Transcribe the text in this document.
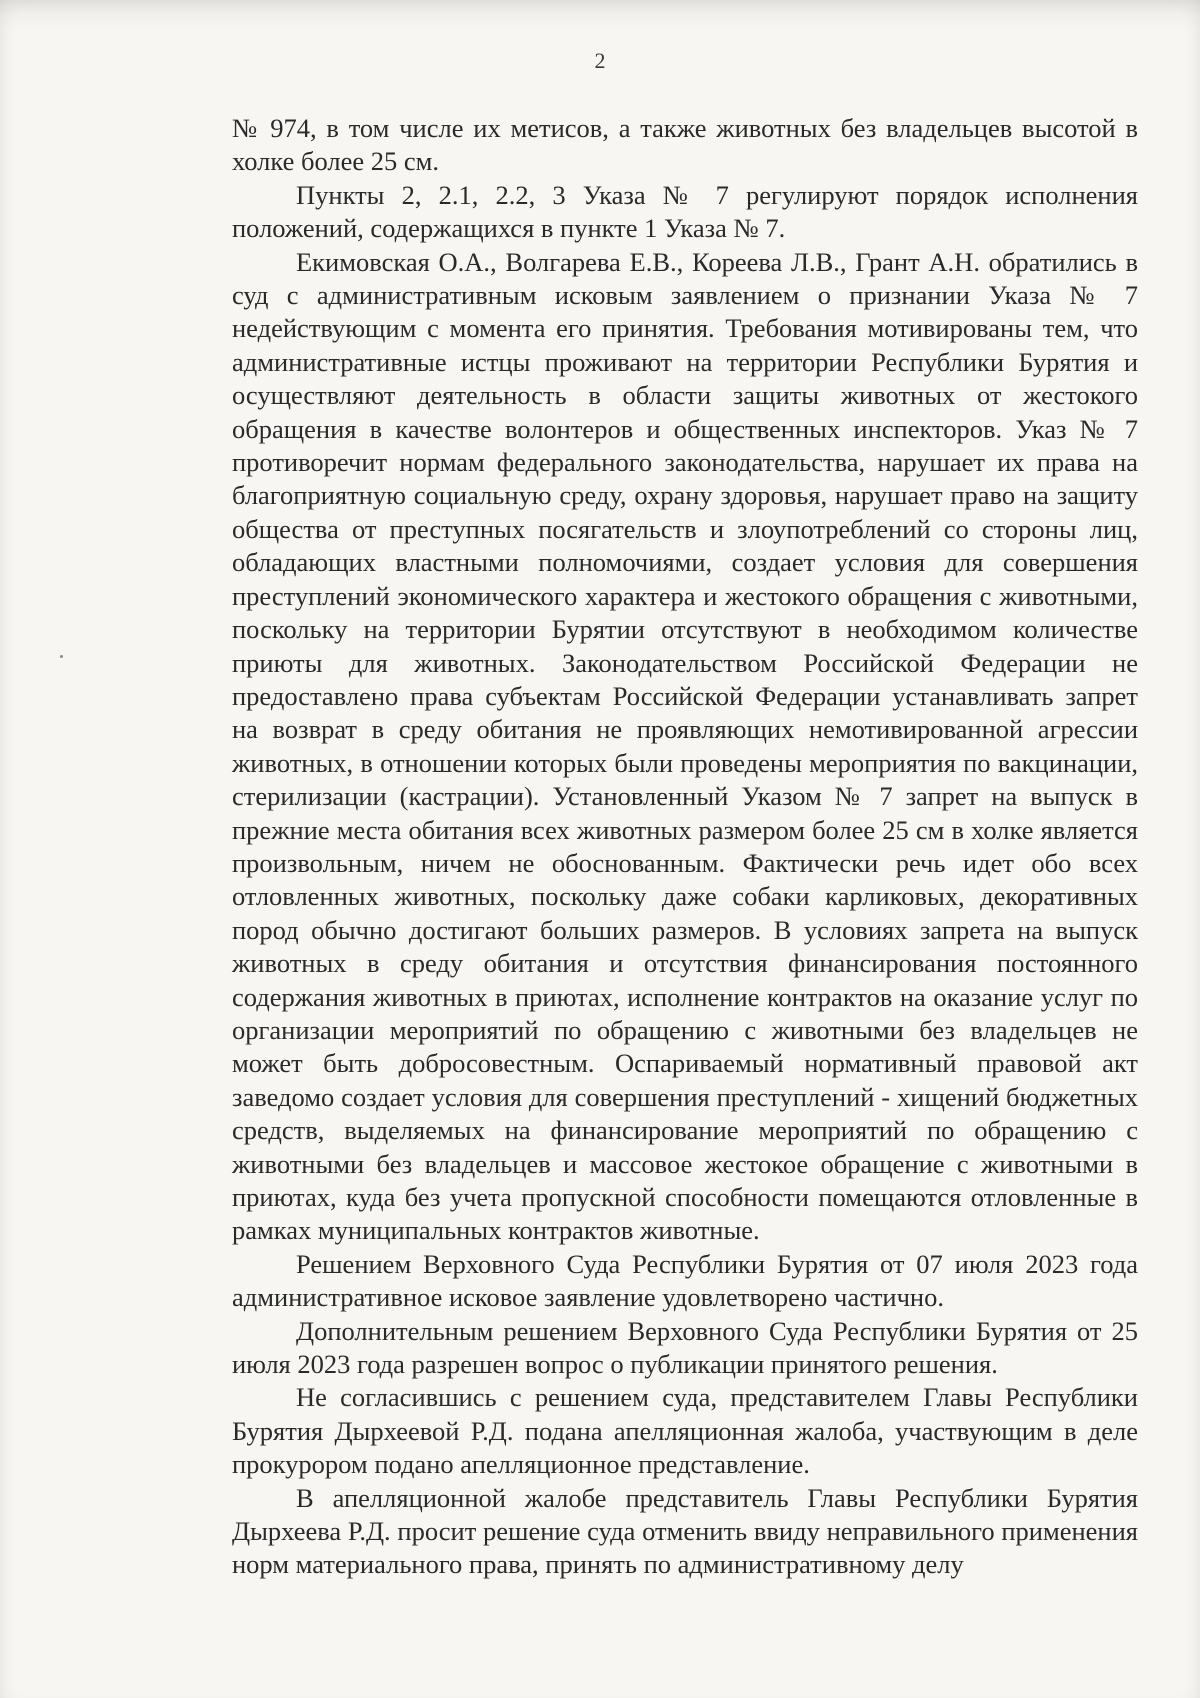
2

№ 974, в том числе их метисов, а также животных без владельцев высотой в холке более 25 см.

Пункты 2, 2.1, 2.2, 3 Указа № 7 регулируют порядок исполнения положений, содержащихся в пункте 1 Указа № 7.

Екимовская О.А., Волгарева Е.В., Кореева Л.В., Грант А.Н. обратились в суд с административным исковым заявлением о признании Указа № 7 недействующим с момента его принятия. Требования мотивированы тем, что административные истцы проживают на территории Республики Бурятия и осуществляют деятельность в области защиты животных от жестокого обращения в качестве волонтеров и общественных инспекторов. Указ № 7 противоречит нормам федерального законодательства, нарушает их права на благоприятную социальную среду, охрану здоровья, нарушает право на защиту общества от преступных посягательств и злоупотреблений со стороны лиц, обладающих властными полномочиями, создает условия для совершения преступлений экономического характера и жестокого обращения с животными, поскольку на территории Бурятии отсутствуют в необходимом количестве приюты для животных. Законодательством Российской Федерации не предоставлено права субъектам Российской Федерации устанавливать запрет на возврат в среду обитания не проявляющих немотивированной агрессии животных, в отношении которых были проведены мероприятия по вакцинации, стерилизации (кастрации). Установленный Указом № 7 запрет на выпуск в прежние места обитания всех животных размером более 25 см в холке является произвольным, ничем не обоснованным. Фактически речь идет обо всех отловленных животных, поскольку даже собаки карликовых, декоративных пород обычно достигают больших размеров. В условиях запрета на выпуск животных в среду обитания и отсутствия финансирования постоянного содержания животных в приютах, исполнение контрактов на оказание услуг по организации мероприятий по обращению с животными без владельцев не может быть добросовестным. Оспариваемый нормативный правовой акт заведомо создает условия для совершения преступлений - хищений бюджетных средств, выделяемых на финансирование мероприятий по обращению с животными без владельцев и массовое жестокое обращение с животными в приютах, куда без учета пропускной способности помещаются отловленные в рамках муниципальных контрактов животные.

Решением Верховного Суда Республики Бурятия от 07 июля 2023 года административное исковое заявление удовлетворено частично.

Дополнительным решением Верховного Суда Республики Бурятия от 25 июля 2023 года разрешен вопрос о публикации принятого решения.

Не согласившись с решением суда, представителем Главы Республики Бурятия Дырхеевой Р.Д. подана апелляционная жалоба, участвующим в деле прокурором подано апелляционное представление.

В апелляционной жалобе представитель Главы Республики Бурятия Дырхеева Р.Д. просит решение суда отменить ввиду неправильного применения норм материального права, принять по административному делу
